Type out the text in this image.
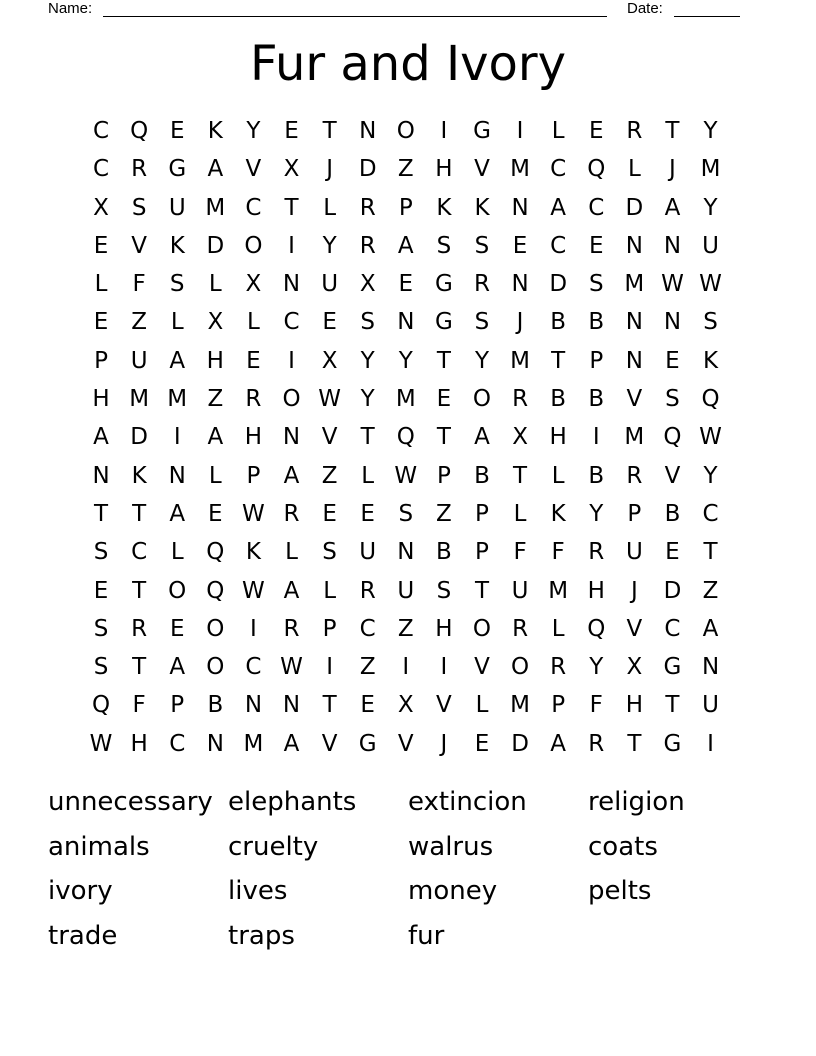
Name:	Date:
Fur and Ivory
C Q E	K	Y	E	T N O	I	G	I	L	E R	T	Y
C R G A V X	J	D Z H V M C Q L	J	M
X S U M C	T	L	R	P	K	K N A C D A	Y
E V K D O	I	Y	R A S	S	E C E N N U
L	F	S	L	X N U X E G R N D S M W W
E Z	L	X	L	C E	S N G S	J	B B N N S
P U A H E	I	X	Y	Y	T	Y M T	P N E	K
H M M Z R O W Y M E O R B B V S Q
A D	I	A H N V	T Q T	A X H	I	M Q W
N K N	L	P	A Z	L W P	B	T	L	B R V	Y
T	T	A E W R E	E	S Z	P	L	K	Y	P	B C
S C	L Q K	L	S U N B	P	F	F	R U E	T
E	T O Q W A	L	R U S	T U M H	J	D Z
S R E O	I	R	P	C Z H O R	L Q V C A
S	T	A O C W	I	Z	I	I	V O R	Y	X G N
Q F	P	B N N T	E X V	L M P	F H T U
W H C N M A V G V	J	E D A R	T G	I
unnecessary elephants	extincion	religion
animals	cruelty	walrus	coats
ivory	lives	money	pelts
trade	traps	fur
